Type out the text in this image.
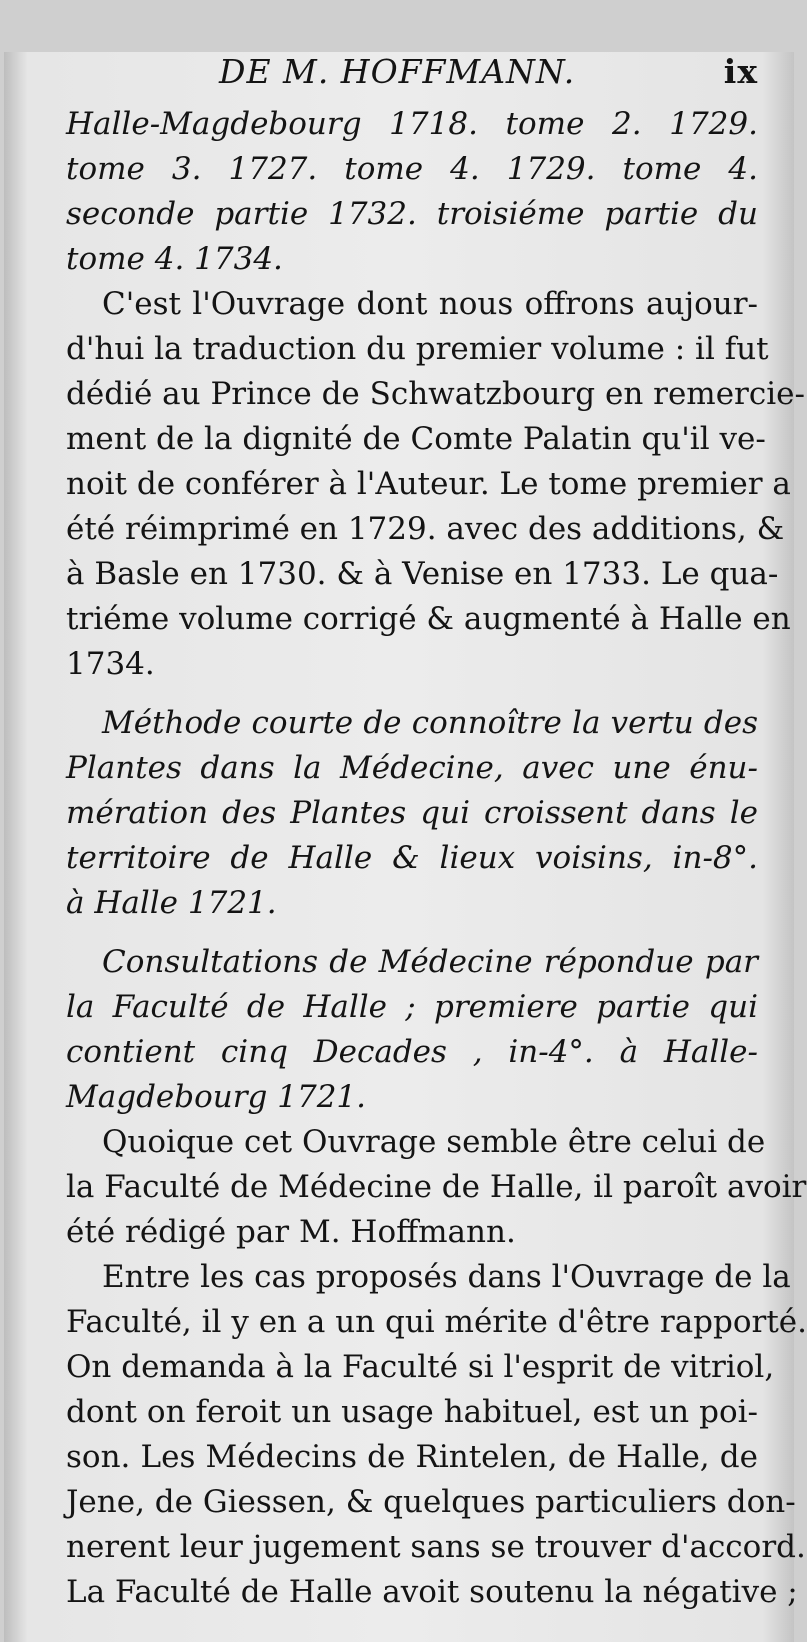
DE M. HOFFMANN.	ix
Halle-Magdebourg 1718. tome 2. 1729.
tome 3. 1727. tome 4. 1729. tome 4.
seconde partie 1732. troisiéme partie du
tome 4. 1734.
C'est l'Ouvrage dont nous offrons aujour-
d'hui la traduction du premier volume : il fut
dédié au Prince de Schwatzbourg en remercie-
ment de la dignité de Comte Palatin qu'il ve-
noit de conférer à l'Auteur. Le tome premier a
été réimprimé en 1729. avec des additions, &
à Basle en 1730. & à Venise en 1733. Le qua-
triéme volume corrigé & augmenté à Halle en
1734.
Méthode courte de connoître la vertu des
Plantes dans la Médecine, avec une énu-
mération des Plantes qui croissent dans le
territoire de Halle & lieux voisins, in-8°.
à Halle 1721.
Consultations de Médecine répondue par
la Faculté de Halle ; premiere partie qui
contient cinq Decades , in-4°. à Halle-
Magdebourg 1721.
Quoique cet Ouvrage semble être celui de
la Faculté de Médecine de Halle, il paroît avoir
été rédigé par M. Hoffmann.
Entre les cas proposés dans l'Ouvrage de la
Faculté, il y en a un qui mérite d'être rapporté.
On demanda à la Faculté si l'esprit de vitriol,
dont on feroit un usage habituel, est un poi-
son. Les Médecins de Rintelen, de Halle, de
Jene, de Giessen, & quelques particuliers don-
nerent leur jugement sans se trouver d'accord.
La Faculté de Halle avoit soutenu la négative ;
